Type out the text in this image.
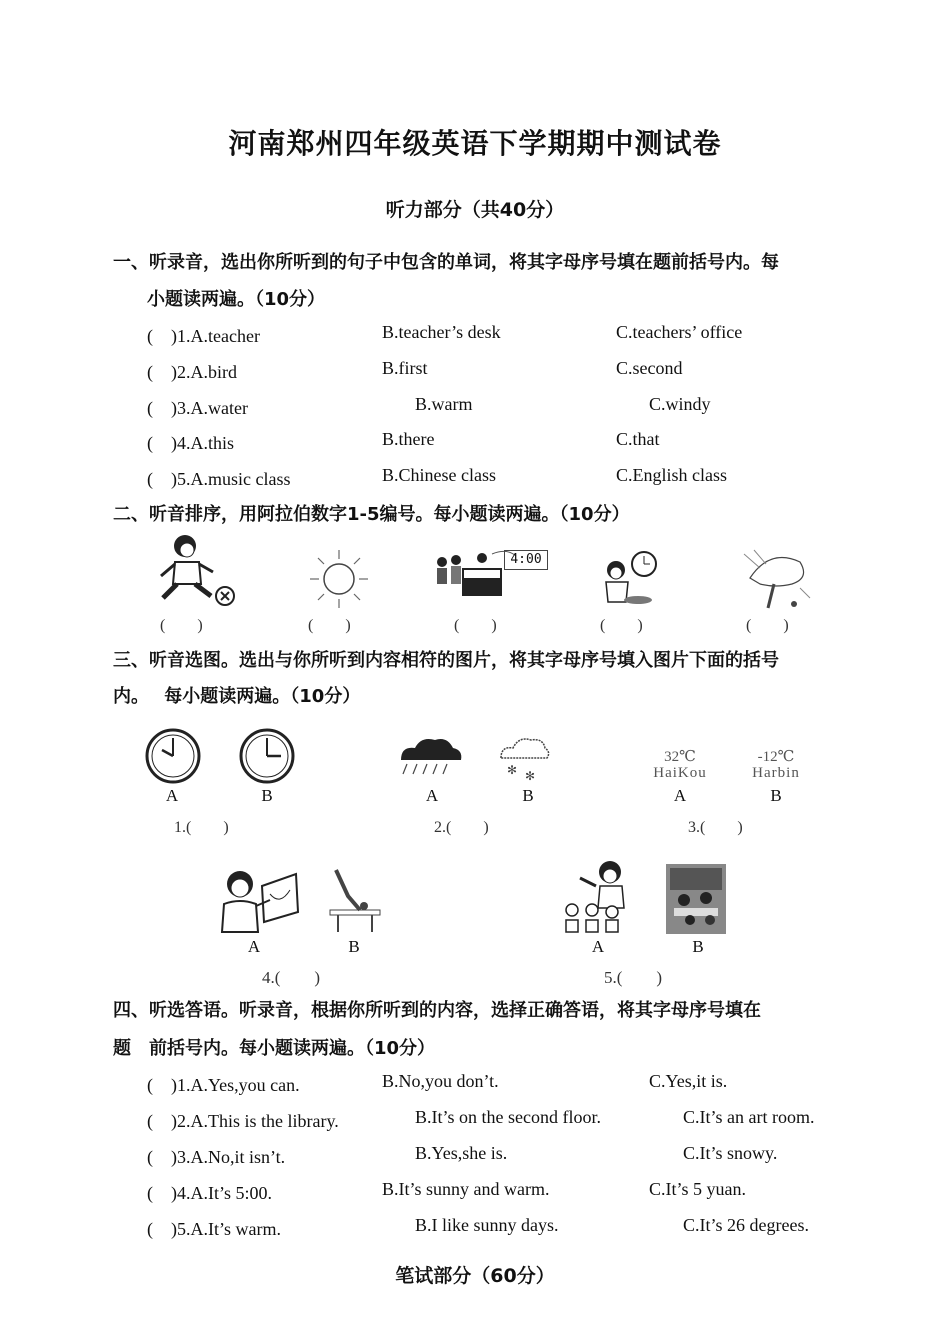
河南郑州四年级英语下学期期中测试卷
听力部分（共40分）
一、听录音，选出你所听到的句子中包含的单词，将其字母序号填在题前括号内。每
小题读两遍。（10分）
(　)1.A.teacher	B.teacher’s desk	C.teachers’ office
(　)2.A.bird	B.first	C.second
(　)3.A.water	B.warm	C.windy
(　)4.A.this	B.there	C.that
(　)5.A.music class	B.Chinese class	C.English class
二、听音排序，用阿拉伯数字1-5编号。每小题读两遍。（10分）
4:00
(　　)	(　　)	(　　)	(　　)	(　　)
三、听音选图。选出与你所听到内容相符的图片，将其字母序号填入图片下面的括号
内。　 每小题读两遍。（10分）
A	B
1.(　　)
✻ ✻
A	B
2.(　　)
32℃
HaiKou
-12℃
Harbin
A	B
3.(　　)
A	B
4.(　　)
A	B
5.(　　)
四、听选答语。听录音，根据你所听到的内容，选择正确答语，将其字母序号填在
题　前括号内。每小题读两遍。（10分）
(　)1.A.Yes,you can.	B.No,you don’t.	C.Yes,it is.
(　)2.A.This is the library.	B.It’s on the second floor.	C.It’s an art room.
(　)3.A.No,it isn’t.	B.Yes,she is.	C.It’s snowy.
(　)4.A.It’s 5:00.	B.It’s sunny and warm.	C.It’s 5 yuan.
(　)5.A.It’s warm.	B.I like sunny days.	C.It’s 26 degrees.
笔试部分（60分）
